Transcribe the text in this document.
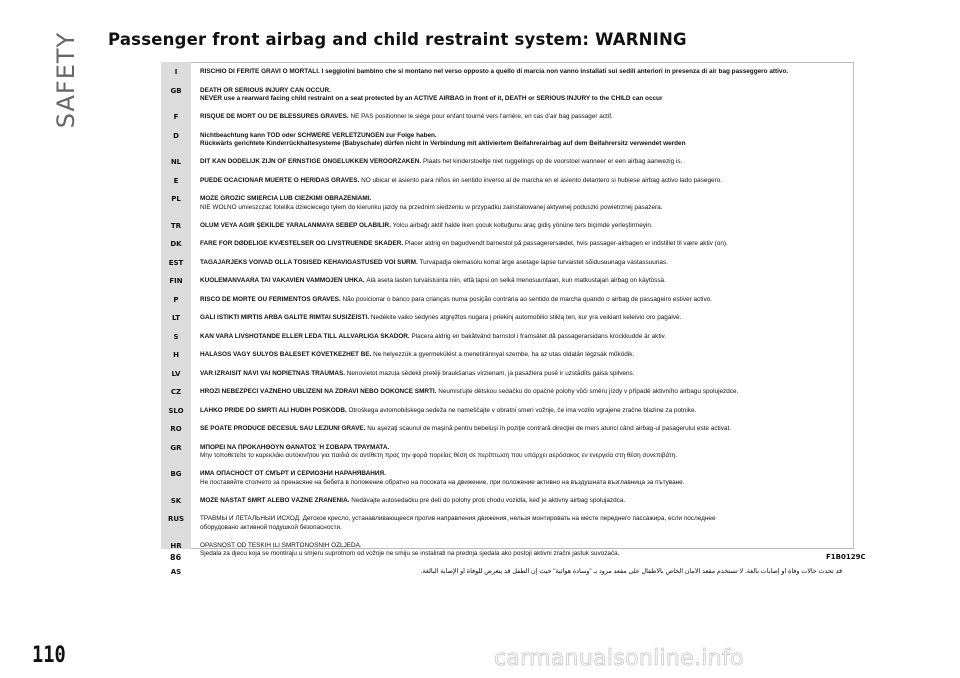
SAFETY Passenger front airbag and child restraint system: WARNING
I	RISCHIO DI FERITE GRAVI O MORTALI. I seggiolini bambino che si montano nel verso opposto a quello di marcia non vanno installati sui sedili anteriori in presenza di air bag passeggero attivo.
GB	DEATH OR SERIOUS INJURY CAN OCCUR.
NEVER use a rearward facing child restraint on a seat protected by an ACTIVE AIRBAG in front of it, DEATH or SERIOUS INJURY to the CHILD can occur
F	RISQUE DE MORT OU DE BLESSURES GRAVES. NE PAS positionner le siège pour enfant tourné vers l'arrière, en cas d'air bag passager actif.
D	Nichtbeachtung kann TOD oder SCHWERE VERLETZUNGEN zur Folge haben.
Rückwärts gerichtete Kinderrückhaltesysteme (Babyschale) dürfen nicht in Verbindung mit aktiviertem Beifahrerairbag auf dem Beifahrersitz verwendet werden
NL	DIT KAN DODELIJK ZIJN OF ERNSTIGE ONGELUKKEN VEROORZAKEN. Plaats het kinderstoeltje niet ruggelings op de voorstoel wanneer er een airbag aanwezig is.
E	PUEDE OCACIONAR MUERTE O HERIDAS GRAVES. NO ubicar el asiento para niños en sentido inverso al de marcha en el asiento delantero si hubiese airbag activo lado pasegero.
PL	MOŻE GROZIĆ ŚMIERCIA LUB CIEŻKIMI OBRAŻENIAMI.
NIE WOLNO umieszczać fotelika dzieciecego tyłem do kierunku jazdy na przednim siedzeniu w przypadku zainstalowanej aktywnej poduszki powietrznej pasażera.
TR	ÖLÜM VEYA AĞIR ŞEKİLDE YARALANMAYA SEBEP OLABİLİR. Yolcu airbağı aktif halde iken çocuk koltuğunu araç gidiş yönüne ters biçimde yerleştirmeyin.
DK	FARE FOR DØDELIGE KVÆSTELSER OG LIVSTRUENDE SKADER. Placer aldrig en bagudvendt barnestol på passagerersædet, hvis passager-airbagen er indstillet til være aktiv (on).
EST	TAGAJÄRJEKS VÕIVAD OLLA TÕSISED KEHAVIGASTUSED VÕI SURM. Turvapadja olemasolu korral ärge asetage lapse turvaistet sõidusuunaga vastassuunas.
FIN	KUOLEMANVAARA TAI VAKAVIEN VAMMOJEN UHKA. Älä aseta lasten turvaistuinta niin, että lapsi on selkä menosuuntaan, kun matkustajan airbag on käytössä.
P	RISCO DE MORTE OU FERIMENTOS GRAVES. Não posicionar o banco para crianças numa posição contrária ao sentido de marcha quando o airbag de passageiro estiver activo.
LT	GALI IŠTIKTI MIRTIS ARBA GALITE RIMTAI SUSIŽEISTI. Nedėkite vaiko sėdynės atgręžtos nugara į priekinį automobilio stiklą ten, kur yra veikiant keleivio oro pagalvė.
S	KAN VARA LIVSHOTANDE ELLER LEDA TILL ALLVARLIGA SKADOR. Placera aldrig en bakåtvänd barnstol i framsätet då passagerarsidans krockkudde är aktiv.
H	HALÁSOS VAGY SÚLYOS BALESET KÖVETKEZHET BE. Ne helyezzük a gyermekülést a menetiránnyal szembe, ha az utas oldalán légzsák működik.
LV	VAR IZRAISĪT NĀVI VAI NOPIETNAS TRAUMAS. Nenovietot mazuļa sēdekli pretēji braukšanas virzienam, ja pasažiera pusē ir uzstādīts gaisa spilvens.
CZ	HROZÍ NEBEZPEČÍ VÁŽNÉHO UBLÍŽENÍ NA ZDRAVÍ NEBO DOKONCE SMRTI. Neumisťujte dětskou sedačku do opačné polohy vůči směru jízdy v případě aktivního airbagu spolujezdce.
SLO	LAHKO PRIDE DO SMRTI ALI HUDIH POŠKODB. Otroškega avtomobilskega sedeža ne nameščajte v obratni smeri vožnje, če ima vozilo vgrajene zračne blazine za potnike.
RO	SE POATE PRODUCE DECESUL SAU LEZIUNI GRAVE. Nu aşezaţi scaunul de maşină pentru bebeluşi în poziţie contrară direcţiei de mers atunci când airbag-ul pasagerului este activat.
GR	ΜΠΟΡΕΙ ΝΑ ΠΡΟΚΛΗΘΟΥΝ ΘΑΝΑΤΟΣ Ή ΣΟΒΑΡΑ ΤΡΑΥΜΑΤΑ.
Μην τοποθετείτε το καρεκλάκι αυτοκινήτου για παιδιά σε αντίθετη προς την φορά πορείας θέση σε περίπτωση που υπάρχει αερόσακος εν ενεργεία στη θέση συνεπιβάτη.
BG	ИМА ОПАСНОСТ ОТ СМЪРТ И СЕРИОЗНИ НАРАНЯВАНИЯ.
Не поставяйте столчето за пренасяне на бебета в положение обратно на посоката на движение, при положение активно на въздушната възглавница за пътуване.
SK	MÔŽE NASTAŤ SMRŤ ALEBO VÁŽNE ZRANENIA. Nedávajte autosedačku pre deti do polohy proti chodu vozidla, keď je aktivny airbag spolujazdca.
RUS	ТРАВМЫ И ЛЕТАЛЬНЫЙ ИСХОД. Детское кресло, устанавливающееся против направления движения, нельзя монтировать на месте переднего пассажира, если последнее
оборудовано активной подушкой безопасности.
HR	OPASNOST OD TEŠKIH ILI SMRTONOSNIH OZLJEDA.
Sjedala za djecu koja se montiraju u smjeru suprotnom od vožnje ne smiju se instalirati na prednja sjedala ako postoji aktivni zračni jastuk suvozača.
AS	قد تحدث حالات وفاة أو إصابات بالغة. لا تستخدم مقعد الأمان الخاص بالأطفال على مقعد مزود بـ "وسادة هوائية" حيث إن الطفل قد يتعرض للوفاة أو الإصابة البالغة.
86	F1B0129C
110	carmanualsonline.info
